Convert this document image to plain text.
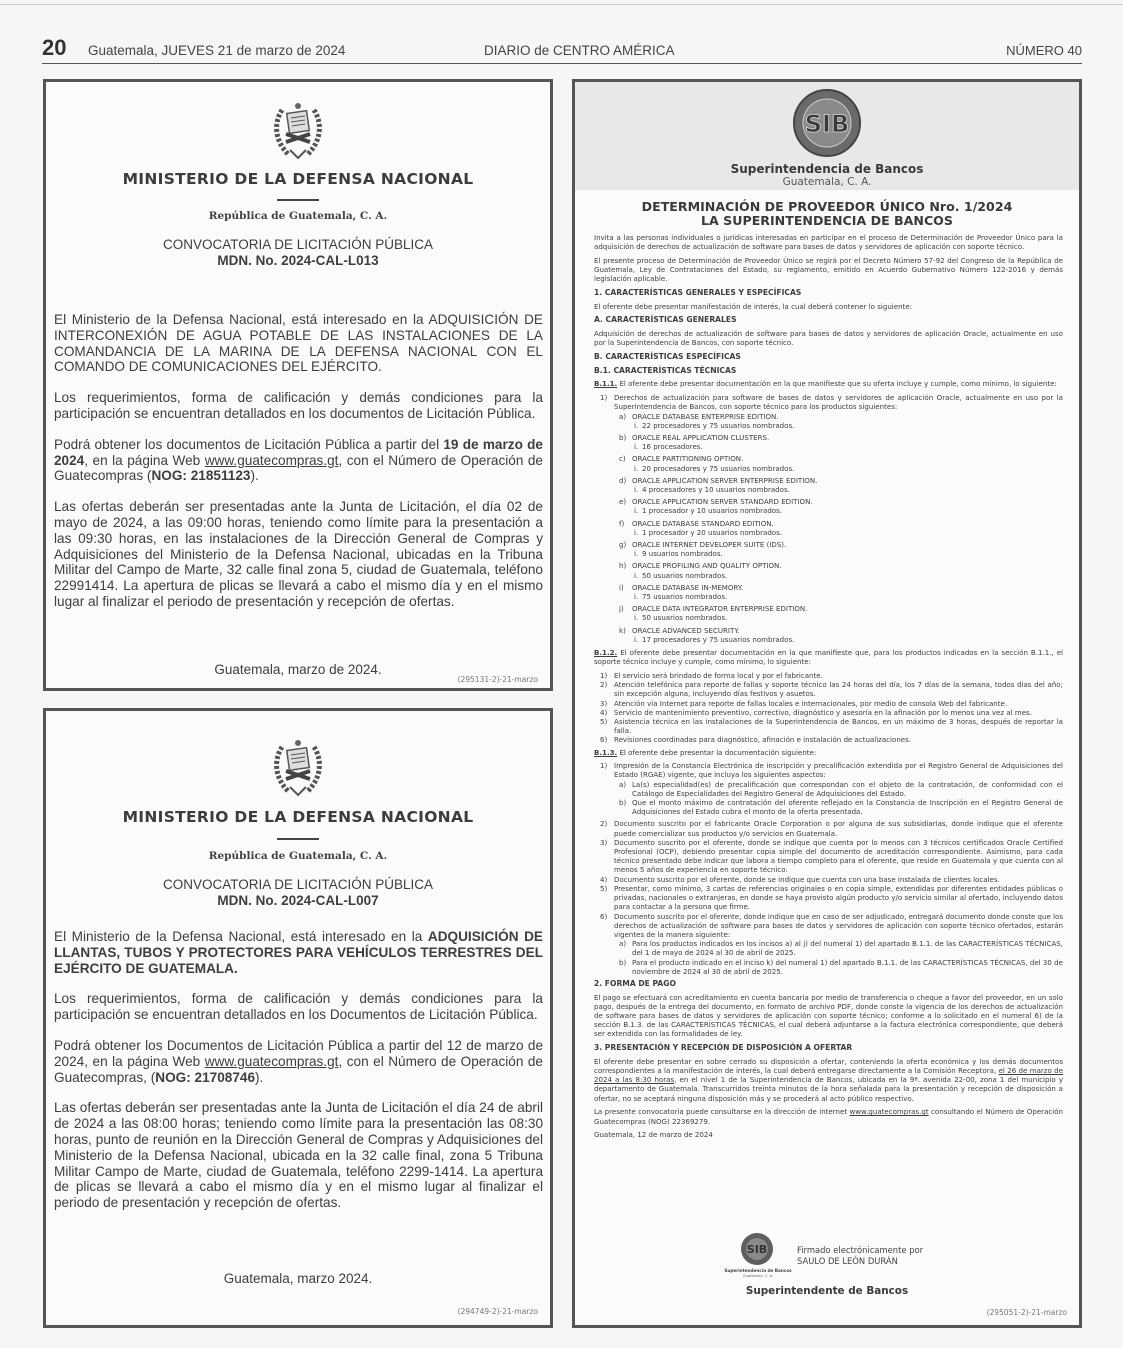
20 Guatemala, JUEVES 21 de marzo de 2024	DIARIO de CENTRO AMÉRICA	NÚMERO 40
MINISTERIO DE LA DEFENSA NACIONAL
República de Guatemala, C. A.
CONVOCATORIA DE LICITACIÓN PÚBLICA
MDN. No. 2024-CAL-L013

El Ministerio de la Defensa Nacional, está interesado en la ADQUISICIÓN DE INTERCONEXIÓN DE AGUA POTABLE DE LAS INSTALACIONES DE LA COMANDANCIA DE LA MARINA DE LA DEFENSA NACIONAL CON EL COMANDO DE COMUNICACIONES DEL EJÉRCITO.

Los requerimientos, forma de calificación y demás condiciones para la participación se encuentran detallados en los documentos de Licitación Pública.

Podrá obtener los documentos de Licitación Pública a partir del 19 de marzo de 2024, en la página Web www.guatecompras.gt, con el Número de Operación de Guatecompras (NOG: 21851123).

Las ofertas deberán ser presentadas ante la Junta de Licitación, el día 02 de mayo de 2024, a las 09:00 horas, teniendo como límite para la presentación a las 09:30 horas, en las instalaciones de la Dirección General de Compras y Adquisiciones del Ministerio de la Defensa Nacional, ubicadas en la Tribuna Militar del Campo de Marte, 32 calle final zona 5, ciudad de Guatemala, teléfono 22991414. La apertura de plicas se llevará a cabo el mismo día y en el mismo lugar al finalizar el periodo de presentación y recepción de ofertas.

Guatemala, marzo de 2024.
(295131-2)-21-marzo
MINISTERIO DE LA DEFENSA NACIONAL
República de Guatemala, C. A.
CONVOCATORIA DE LICITACIÓN PÚBLICA
MDN. No. 2024-CAL-L007

El Ministerio de la Defensa Nacional, está interesado en la ADQUISICIÓN DE LLANTAS, TUBOS Y PROTECTORES PARA VEHÍCULOS TERRESTRES DEL EJÉRCITO DE GUATEMALA.

Los requerimientos, forma de calificación y demás condiciones para la participación se encuentran detallados en los Documentos de Licitación Pública.

Podrá obtener los Documentos de Licitación Pública a partir del 12 de marzo de 2024, en la página Web www.guatecompras.gt, con el Número de Operación de Guatecompras, (NOG: 21708746).

Las ofertas deberán ser presentadas ante la Junta de Licitación el día 24 de abril de 2024 a las 08:00 horas; teniendo como límite para la presentación las 08:30 horas, punto de reunión en la Dirección General de Compras y Adquisiciones del Ministerio de la Defensa Nacional, ubicada en la 32 calle final, zona 5 Tribuna Militar Campo de Marte, ciudad de Guatemala, teléfono 2299-1414. La apertura de plicas se llevará a cabo el mismo día y en el mismo lugar al finalizar el periodo de presentación y recepción de ofertas.

Guatemala, marzo 2024.
(294749-2)-21-marzo
SIB
Superintendencia de Bancos
Guatemala, C. A.
DETERMINACIÓN DE PROVEEDOR ÚNICO Nro. 1/2024
LA SUPERINTENDENCIA DE BANCOS

Invita a las personas individuales o jurídicas interesadas en participar en el proceso de Determinación de Proveedor Único para la adquisición de derechos de actualización de software para bases de datos y servidores de aplicación con soporte técnico.

El presente proceso de Determinación de Proveedor Único se regirá por el Decreto Número 57-92 del Congreso de la República de Guatemala, Ley de Contrataciones del Estado, su reglamento, emitido en Acuerdo Gubernativo Número 122-2016 y demás legislación aplicable.

1. CARACTERÍSTICAS GENERALES Y ESPECÍFICAS

El oferente debe presentar manifestación de interés, la cual deberá contener lo siguiente:

A. CARACTERÍSTICAS GENERALES

Adquisición de derechos de actualización de software para bases de datos y servidores de aplicación Oracle, actualmente en uso por la Superintendencia de Bancos, con soporte técnico.

B. CARACTERÍSTICAS ESPECÍFICAS
B.1. CARACTERÍSTICAS TÉCNICAS

B.1.1. El oferente debe presentar documentación en la que manifieste que su oferta incluye y cumple, como mínimo, lo siguiente:

1) Derechos de actualización para software de bases de datos y servidores de aplicación Oracle, actualmente en uso por la Superintendencia de Bancos, con soporte técnico para los productos siguientes:
a) ORACLE DATABASE ENTERPRISE EDITION.
i. 22 procesadores y 75 usuarios nombrados.
b) ORACLE REAL APPLICATION CLUSTERS.
i. 16 procesadores.
c) ORACLE PARTITIONING OPTION.
i. 20 procesadores y 75 usuarios nombrados.
d) ORACLE APPLICATION SERVER ENTERPRISE EDITION.
i. 4 procesadores y 10 usuarios nombrados.
e) ORACLE APPLICATION SERVER STANDARD EDITION.
i. 1 procesador y 10 usuarios nombrados.
f) ORACLE DATABASE STANDARD EDITION.
i. 1 procesador y 20 usuarios nombrados.
g) ORACLE INTERNET DEVELOPER SUITE (IDS).
i. 9 usuarios nombrados.
h) ORACLE PROFILING AND QUALITY OPTION.
i. 50 usuarios nombrados.
i) ORACLE DATABASE IN-MEMORY.
i. 75 usuarios nombrados.
j) ORACLE DATA INTEGRATOR ENTERPRISE EDITION.
i. 50 usuarios nombrados.
k) ORACLE ADVANCED SECURITY.
i. 17 procesadores y 75 usuarios nombrados.

B.1.2. El oferente debe presentar documentación en la que manifieste que, para los productos indicados en la sección B.1.1., el soporte técnico incluye y cumple, como mínimo, lo siguiente:

1) El servicio será brindado de forma local y por el fabricante.
2) Atención telefónica para reporte de fallas y soporte técnico las 24 horas del día, los 7 días de la semana, todos días del año; sin excepción alguna, incluyendo días festivos y asuetos.
3) Atención vía Internet para reporte de fallas locales e internacionales, por medio de consola Web del fabricante.
4) Servicio de mantenimiento preventivo, correctivo, diagnóstico y asesoría en la afinación por lo menos una vez al mes.
5) Asistencia técnica en las instalaciones de la Superintendencia de Bancos, en un máximo de 3 horas, después de reportar la falla.
6) Revisiones coordinadas para diagnóstico, afinación e instalación de actualizaciones.

B.1.3. El oferente debe presentar la documentación siguiente:

1) Impresión de la Constancia Electrónica de inscripción y precalificación extendida por el Registro General de Adquisiciones del Estado (RGAE) vigente, que incluya los siguientes aspectos:
a) La(s) especialidad(es) de precalificación que correspondan con el objeto de la contratación, de conformidad con el Catálogo de Especialidades del Registro General de Adquisiciones del Estado.
b) Que el monto máximo de contratación del oferente reflejado en la Constancia de Inscripción en el Registro General de Adquisiciones del Estado cubra el monto de la oferta presentada.
2) Documento suscrito por el fabricante Oracle Corporation o por alguna de sus subsidiarias, donde indique que el oferente puede comercializar sus productos y/o servicios en Guatemala.
3) Documento suscrito por el oferente, donde se indique que cuenta por lo menos con 3 técnicos certificados Oracle Certified Profesional (OCP), debiendo presentar copia simple del documento de acreditación correspondiente. Asimismo, para cada técnico presentado debe indicar que labora a tiempo completo para el oferente, que reside en Guatemala y que cuenta con al menos 5 años de experiencia en soporte técnico.
4) Documento suscrito por el oferente, donde se indique que cuenta con una base instalada de clientes locales.
5) Presentar, como mínimo, 3 cartas de referencias originales o en copia simple, extendidas por diferentes entidades públicas o privadas, nacionales o extranjeras, en donde se haya provisto algún producto y/o servicio similar al ofertado, incluyendo datos para contactar a la persona que firme.
6) Documento suscrito por el oferente, donde indique que en caso de ser adjudicado, entregará documento donde conste que los derechos de actualización de software para bases de datos y servidores de aplicación con soporte técnico ofertados, estarán vigentes de la manera siguiente:
a) Para los productos indicados en los incisos a) al j) del numeral 1) del apartado B.1.1. de las CARACTERÍSTICAS TÉCNICAS, del 1 de mayo de 2024 al 30 de abril de 2025.
b) Para el producto indicado en el inciso k) del numeral 1) del apartado B.1.1. de las CARACTERÍSTICAS TÉCNICAS, del 30 de noviembre de 2024 al 30 de abril de 2025.
2. FORMA DE PAGO

El pago se efectuará con acreditamiento en cuenta bancaria por medio de transferencia o cheque a favor del proveedor, en un solo pago, después de la entrega del documento, en formato de archivo PDF, donde conste la vigencia de los derechos de actualización de software para bases de datos y servidores de aplicación con soporte técnico; conforme a lo solicitado en el numeral 6) de la sección B.1.3. de las CARACTERÍSTICAS TÉCNICAS, el cual deberá adjuntarse a la factura electrónica correspondiente, que deberá ser extendida con las formalidades de ley.

3. PRESENTACIÓN Y RECEPCIÓN DE DISPOSICIÓN A OFERTAR

El oferente debe presentar en sobre cerrado su disposición a ofertar, conteniendo la oferta económica y los demás documentos correspondientes a la manifestación de interés, la cual deberá entregarse directamente a la Comisión Receptora, el 26 de marzo de 2024 a las 8:30 horas, en el nivel 1 de la Superintendencia de Bancos, ubicada en la 9ª. avenida 22-00, zona 1 del municipio y departamento de Guatemala. Transcurridos treinta minutos de la hora señalada para la presentación y recepción de disposición a ofertar, no se aceptará ninguna disposición más y se procederá al acto público respectivo.

La presente convocatoria puede consultarse en la dirección de internet www.guatecompras.gt consultando el Número de Operación Guatecompras (NOG) 22369279.

Guatemala, 12 de marzo de 2024

SIB
Superintendencia de Bancos
Guatemala, C. A.
Firmado electrónicamente por
SAULO DE LEÓN DURÁN
Superintendente de Bancos
(295051-2)-21-marzo
